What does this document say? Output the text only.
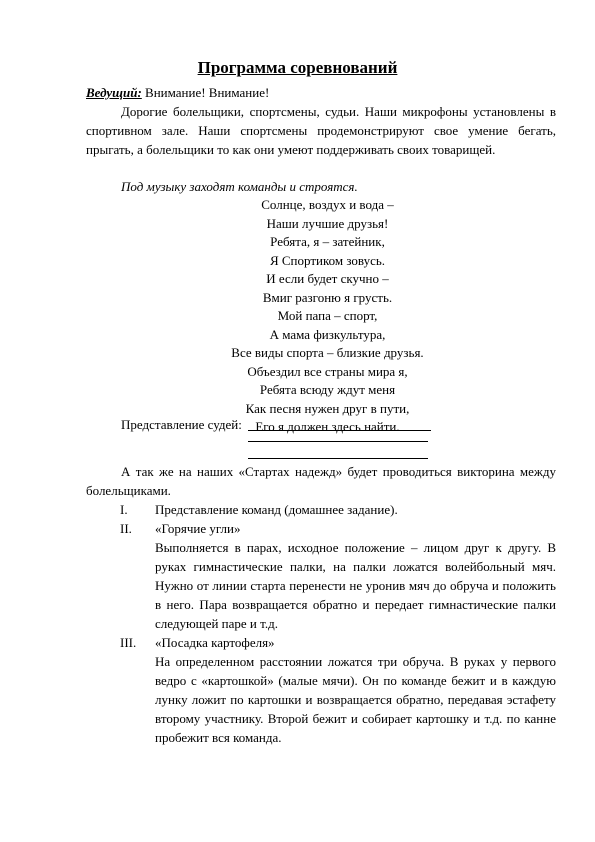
Программа соревнований

Ведущий: Внимание! Внимание!

Дорогие болельщики, спортсмены, судьи. Наши микрофоны установлены в спортивном зале. Наши спортсмены продемонстрируют свое умение бегать, прыгать, а болельщики то как они умеют поддерживать своих товарищей.

Под музыку заходят команды и строятся.

Солнце, воздух и вода –
Наши лучшие друзья!
Ребята, я – затейник,
Я Спортиком зовусь.
И если будет скучно –
Вмиг разгоню я грусть.
Мой папа – спорт,
А мама физкультура,
Все виды спорта – близкие друзья.
Объездил все страны мира я,
Ребята всюду ждут меня
Как песня нужен друг в пути,
Его я должен здесь найти.

Представление судей:

А так же на наших «Стартах надежд» будет проводиться викторина между болельщиками.

I. Представление команд (домашнее задание).
II. «Горячие угли»
Выполняется в парах, исходное положение – лицом друг к другу. В руках гимнастические палки, на палки ложатся волейбольный мяч. Нужно от линии старта перенести не уронив мяч до обруча и положить в него. Пара возвращается обратно и передает гимнастические палки следующей паре и т.д.
III. «Посадка картофеля»
На определенном расстоянии ложатся три обруча. В руках у первого ведро с «картошкой» (малые мячи). Он по команде бежит и в каждую лунку ложит по картошки и возвращается обратно, передавая эстафету второму участнику. Второй бежит и собирает картошку и т.д. по канне пробежит вся команда.
